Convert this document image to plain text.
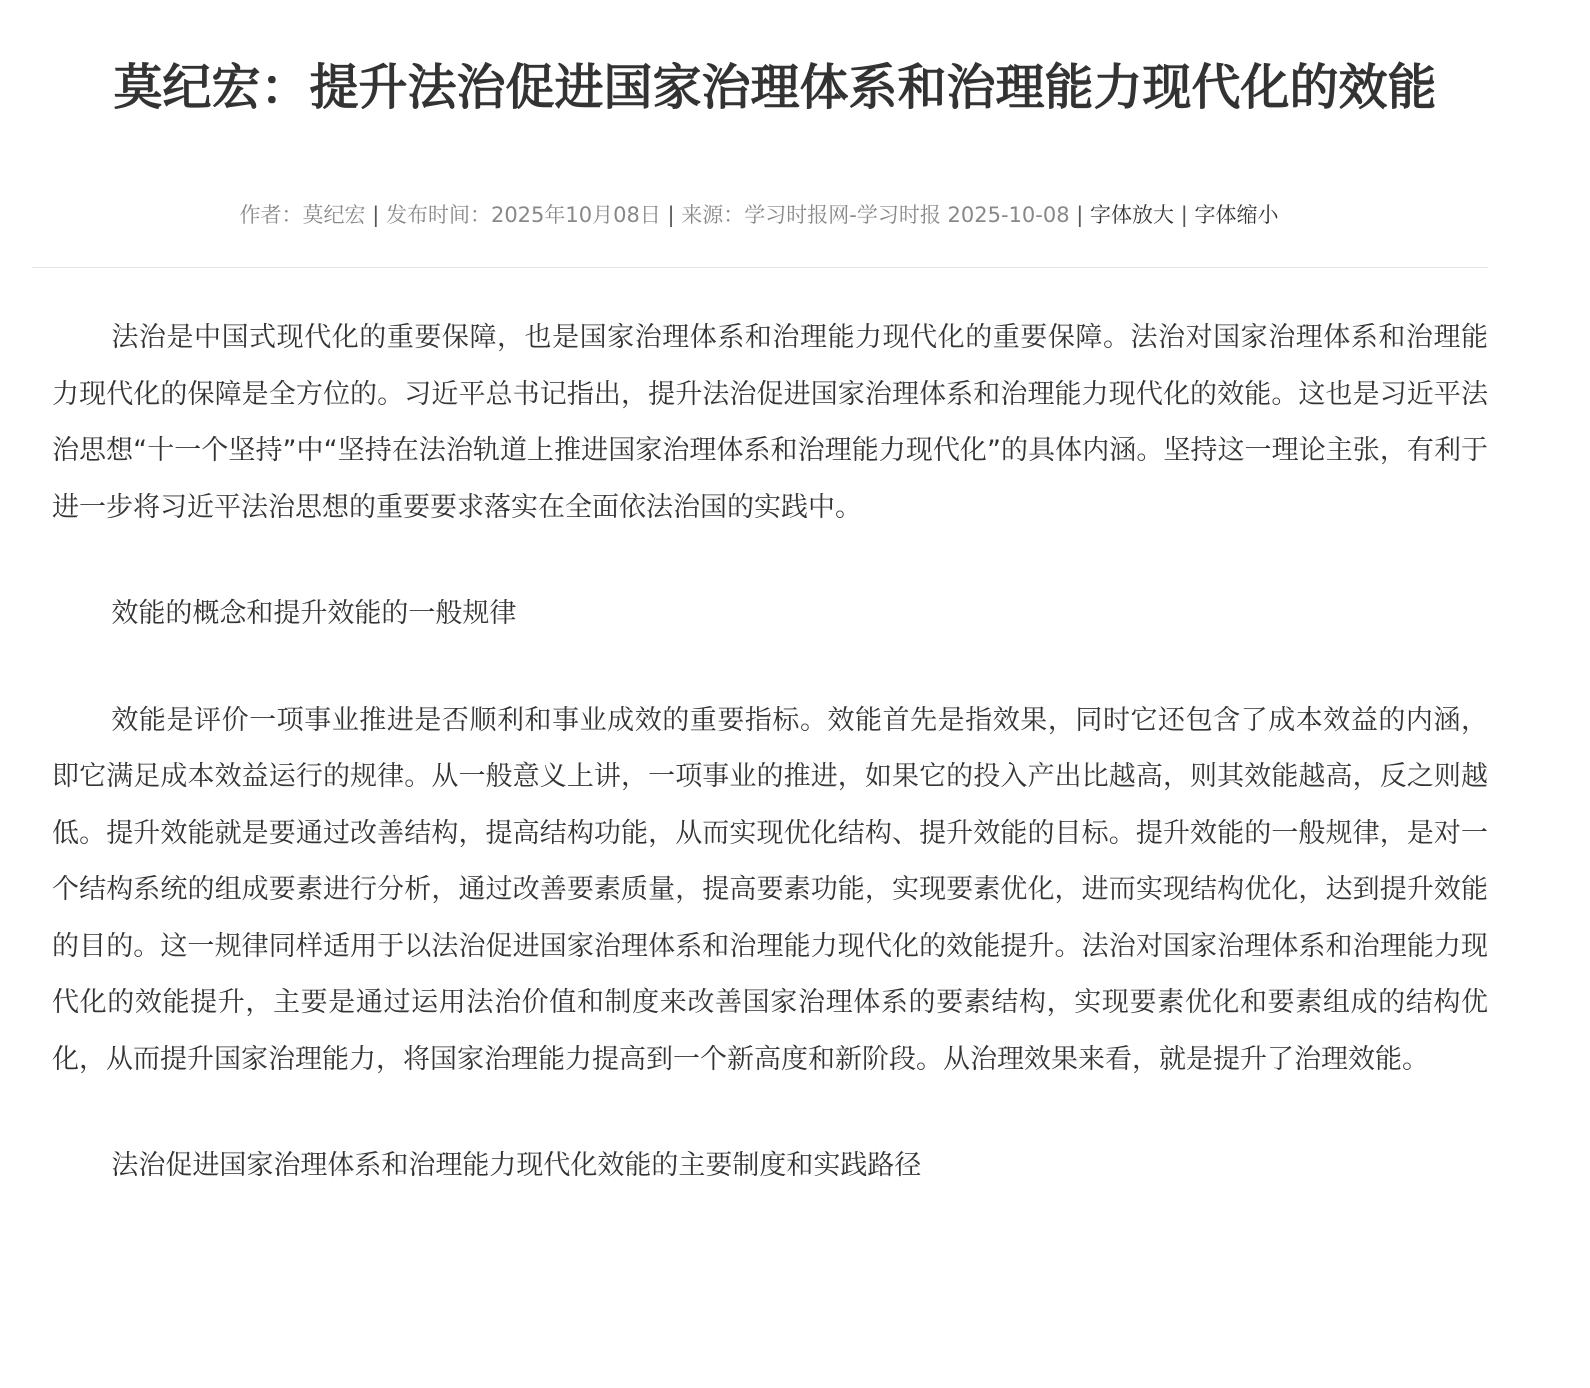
莫纪宏：提升法治促进国家治理体系和治理能力现代化的效能
作者：莫纪宏 | 发布时间：2025年10月08日 | 来源：学习时报网-学习时报 2025-10-08 | 字体放大 | 字体缩小

法治是中国式现代化的重要保障，也是国家治理体系和治理能力现代化的重要保障。法治对国家治理体系和治理能力现代化的保障是全方位的。习近平总书记指出，提升法治促进国家治理体系和治理能力现代化的效能。这也是习近平法治思想“十一个坚持”中“坚持在法治轨道上推进国家治理体系和治理能力现代化”的具体内涵。坚持这一理论主张，有利于进一步将习近平法治思想的重要要求落实在全面依法治国的实践中。

效能的概念和提升效能的一般规律

效能是评价一项事业推进是否顺利和事业成效的重要指标。效能首先是指效果，同时它还包含了成本效益的内涵，即它满足成本效益运行的规律。从一般意义上讲，一项事业的推进，如果它的投入产出比越高，则其效能越高，反之则越低。提升效能就是要通过改善结构，提高结构功能，从而实现优化结构、提升效能的目标。提升效能的一般规律，是对一个结构系统的组成要素进行分析，通过改善要素质量，提高要素功能，实现要素优化，进而实现结构优化，达到提升效能的目的。这一规律同样适用于以法治促进国家治理体系和治理能力现代化的效能提升。法治对国家治理体系和治理能力现代化的效能提升，主要是通过运用法治价值和制度来改善国家治理体系的要素结构，实现要素优化和要素组成的结构优化，从而提升国家治理能力，将国家治理能力提高到一个新高度和新阶段。从治理效果来看，就是提升了治理效能。

法治促进国家治理体系和治理能力现代化效能的主要制度和实践路径
